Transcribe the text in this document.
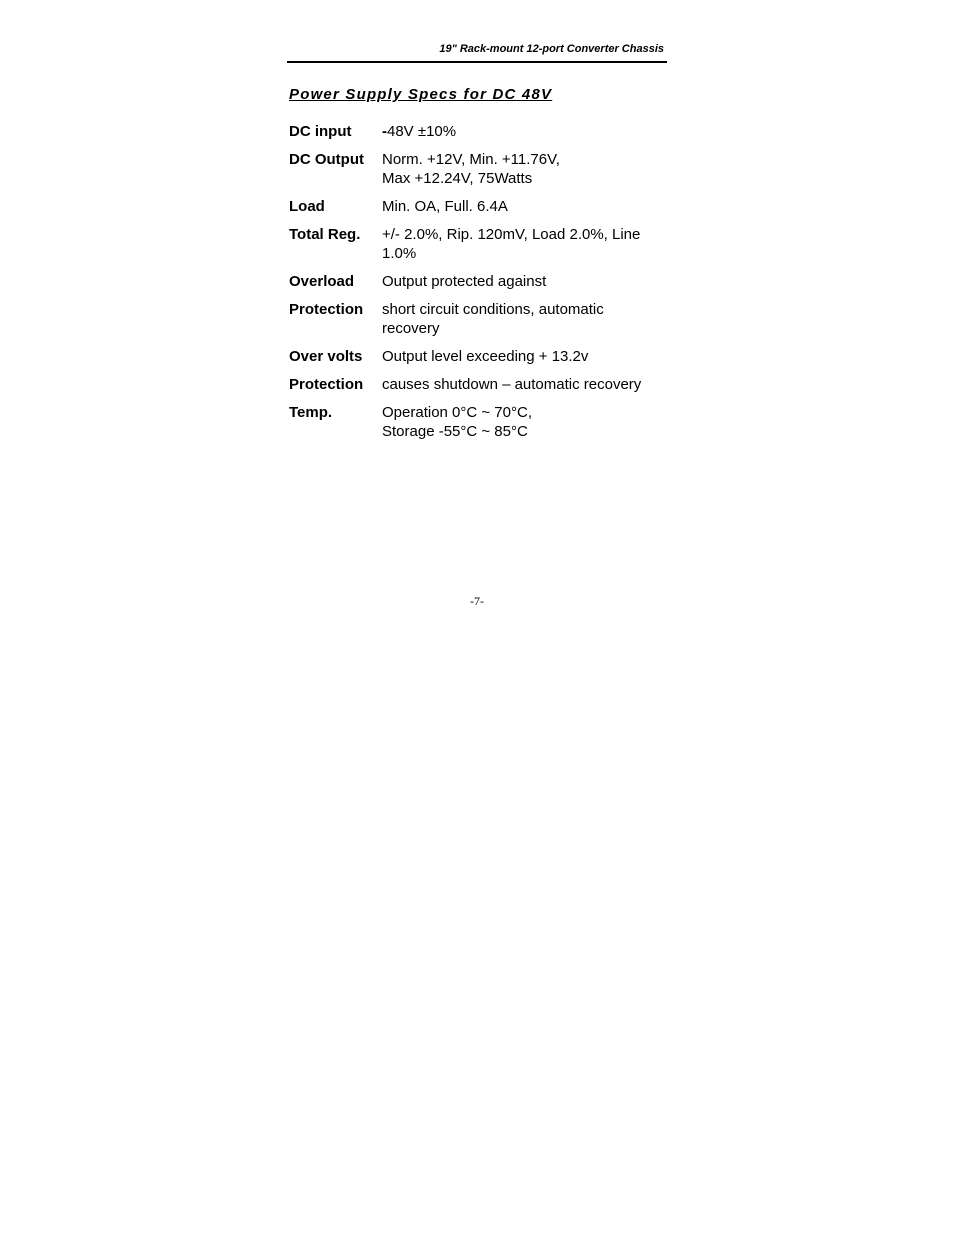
19" Rack-mount 12-port Converter Chassis
Power Supply Specs for DC 48V
DC input	-48V ±10%
DC Output	Norm. +12V, Min. +11.76V,
Max +12.24V, 75Watts
Load	Min. OA, Full. 6.4A
Total Reg.	+/- 2.0%, Rip. 120mV, Load 2.0%, Line
1.0%
Overload	Output protected against
Protection	short circuit conditions, automatic
recovery
Over volts	Output level exceeding + 13.2v
Protection	causes shutdown – automatic recovery
Temp.	Operation 0°C ~ 70°C,
Storage -55°C ~ 85°C
-7-
